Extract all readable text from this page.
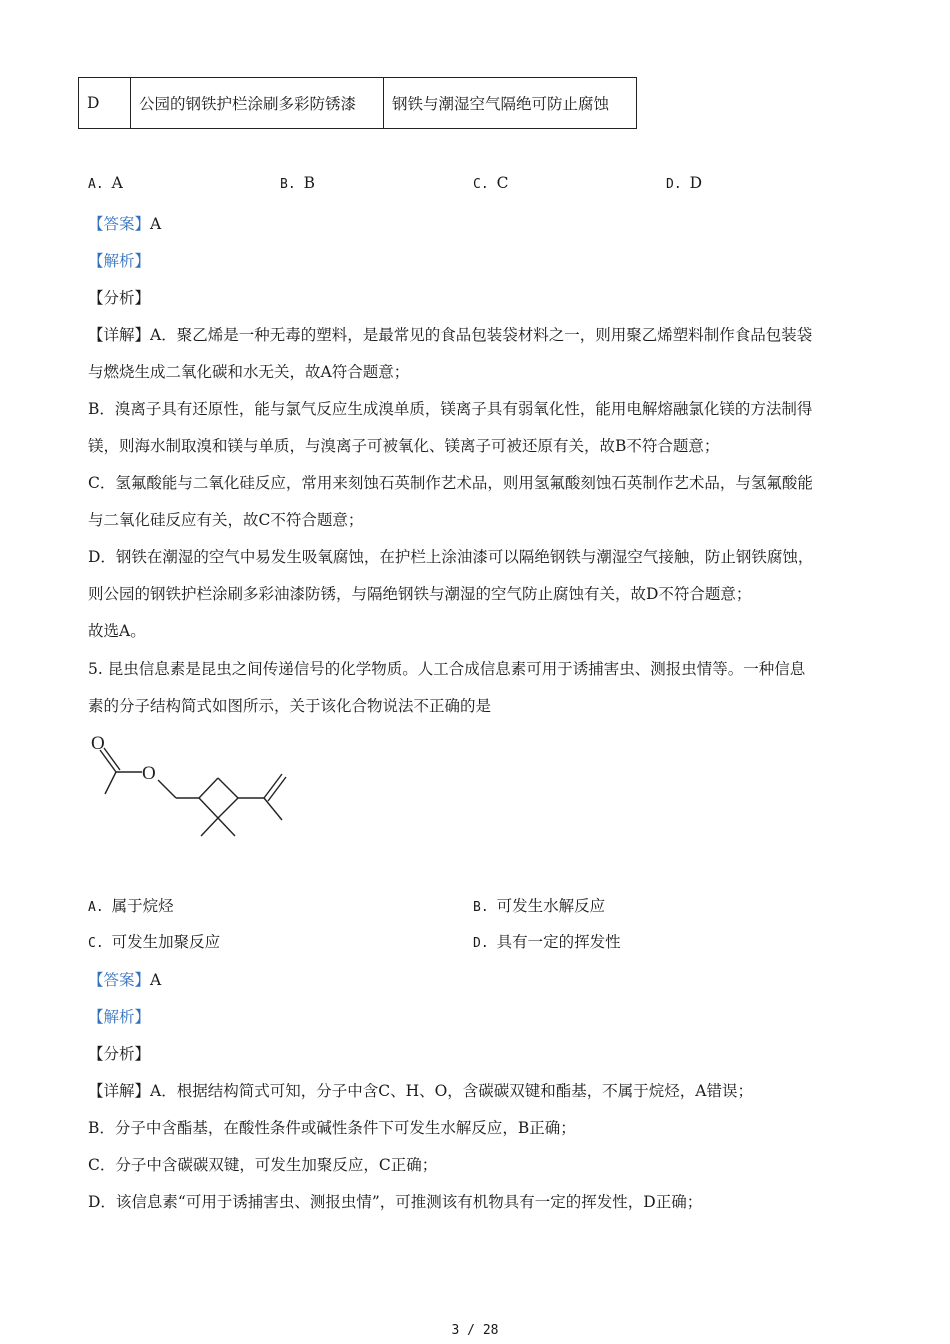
D	公园的钢铁护栏涂刷多彩防锈漆	钢铁与潮湿空气隔绝可防止腐蚀
A. A	B. B	C. C	D. D
【答案】A
【解析】
【分析】
【详解】A．聚乙烯是一种无毒的塑料，是最常见的食品包装袋材料之一，则用聚乙烯塑料制作食品包装袋
与燃烧生成二氧化碳和水无关，故A符合题意；
B．溴离子具有还原性，能与氯气反应生成溴单质，镁离子具有弱氧化性，能用电解熔融氯化镁的方法制得
镁，则海水制取溴和镁与单质，与溴离子可被氧化、镁离子可被还原有关，故B不符合题意；
C．氢氟酸能与二氧化硅反应，常用来刻蚀石英制作艺术品，则用氢氟酸刻蚀石英制作艺术品，与氢氟酸能
与二氧化硅反应有关，故C不符合题意；
D．钢铁在潮湿的空气中易发生吸氧腐蚀，在护栏上涂油漆可以隔绝钢铁与潮湿空气接触，防止钢铁腐蚀，
则公园的钢铁护栏涂刷多彩油漆防锈，与隔绝钢铁与潮湿的空气防止腐蚀有关，故D不符合题意；
故选A。
5. 昆虫信息素是昆虫之间传递信号的化学物质。人工合成信息素可用于诱捕害虫、测报虫情等。一种信息
素的分子结构简式如图所示，关于该化合物说法不正确的是
O
O
A. 属于烷烃	B. 可发生水解反应
C. 可发生加聚反应	D. 具有一定的挥发性
【答案】A
【解析】
【分析】
【详解】A．根据结构简式可知，分子中含C、H、O，含碳碳双键和酯基，不属于烷烃，A错误；
B．分子中含酯基，在酸性条件或碱性条件下可发生水解反应，B正确；
C．分子中含碳碳双键，可发生加聚反应，C正确；
D．该信息素“可用于诱捕害虫、测报虫情”，可推测该有机物具有一定的挥发性，D正确；
3 / 28
